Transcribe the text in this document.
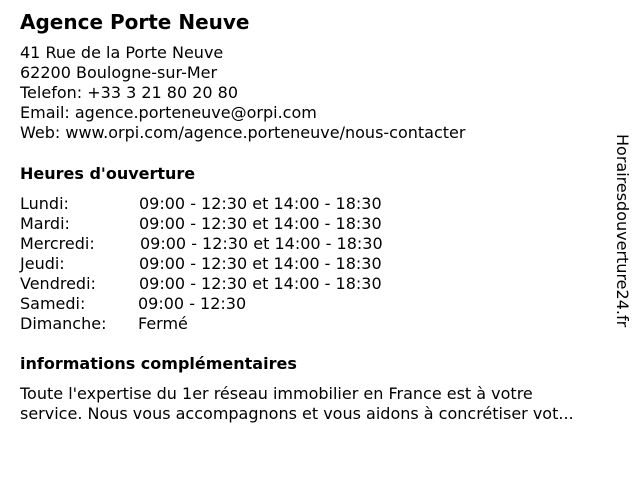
Agence Porte Neuve
41 Rue de la Porte Neuve
62200 Boulogne-sur-Mer
Telefon: +33 3 21 80 20 80
Email: agence.porteneuve@orpi.com
Web: www.orpi.com/agence.porteneuve/nous-contacter
Heures d'ouverture
Lundi:	09:00 - 12:30 et 14:00 - 18:30
Mardi:	09:00 - 12:30 et 14:00 - 18:30
Mercredi:	09:00 - 12:30 et 14:00 - 18:30
Jeudi:	09:00 - 12:30 et 14:00 - 18:30
Vendredi:	09:00 - 12:30 et 14:00 - 18:30
Samedi:	09:00 - 12:30
Dimanche: Fermé
informations complémentaires
Toute l'expertise du 1er réseau immobilier en France est à votre
service. Nous vous accompagnons et vous aidons à concrétiser vot...
Horairesdouverture24.fr
